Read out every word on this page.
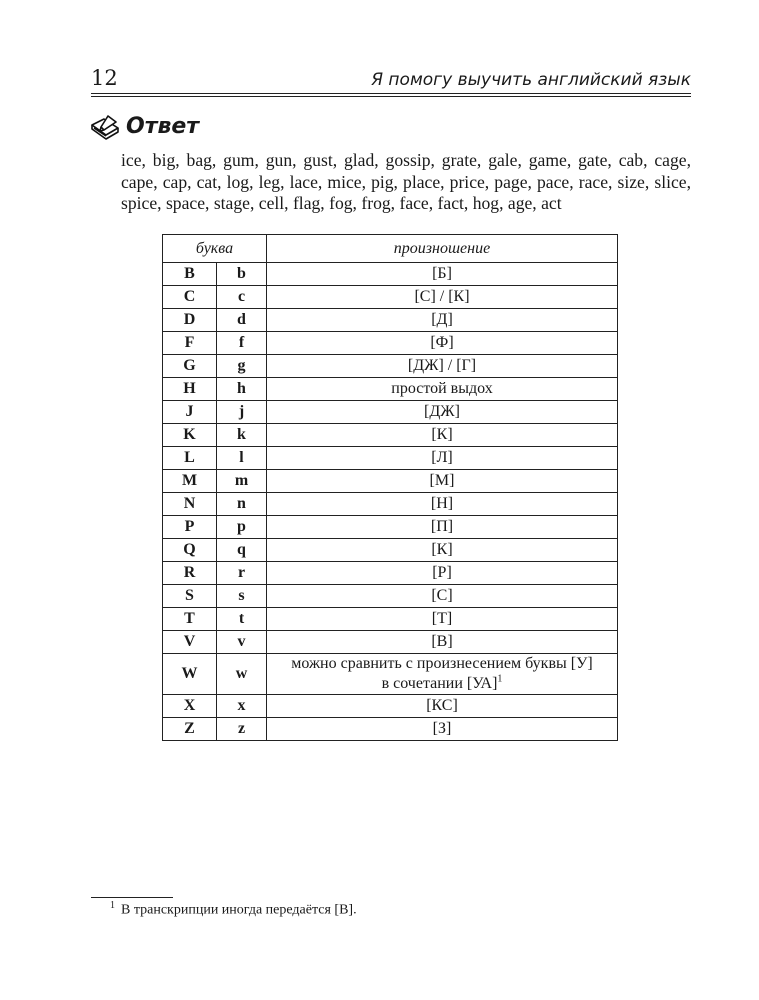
12	Я помогу выучить английский язык
Ответ
ice, big, bag, gum, gun, gust, glad, gossip, grate, gale, game, gate, cab, cage, cape, cap, cat, log, leg, lace, mice, pig, place, price, page, pace, race, size, slice, spice, space, stage, cell, flag, fog, frog, face, fact, hog, age, act
буква		произношение
B	b	[Б]
C	c	[С] / [К]
D	d	[Д]
F	f	[Ф]
G	g	[ДЖ] / [Г]
H	h	простой выдох
J	j	[ДЖ]
K	k	[К]
L	l	[Л]
M	m	[М]
N	n	[Н]
P	p	[П]
Q	q	[К]
R	r	[Р]
S	s	[С]
T	t	[Т]
V	v	[В]
W	w	можно сравнить с произнесением буквы [У]
в сочетании [УА]$^1$
X	x	[КС]
Z	z	[З]
$^1$ В транскрипции иногда передаётся [В].
